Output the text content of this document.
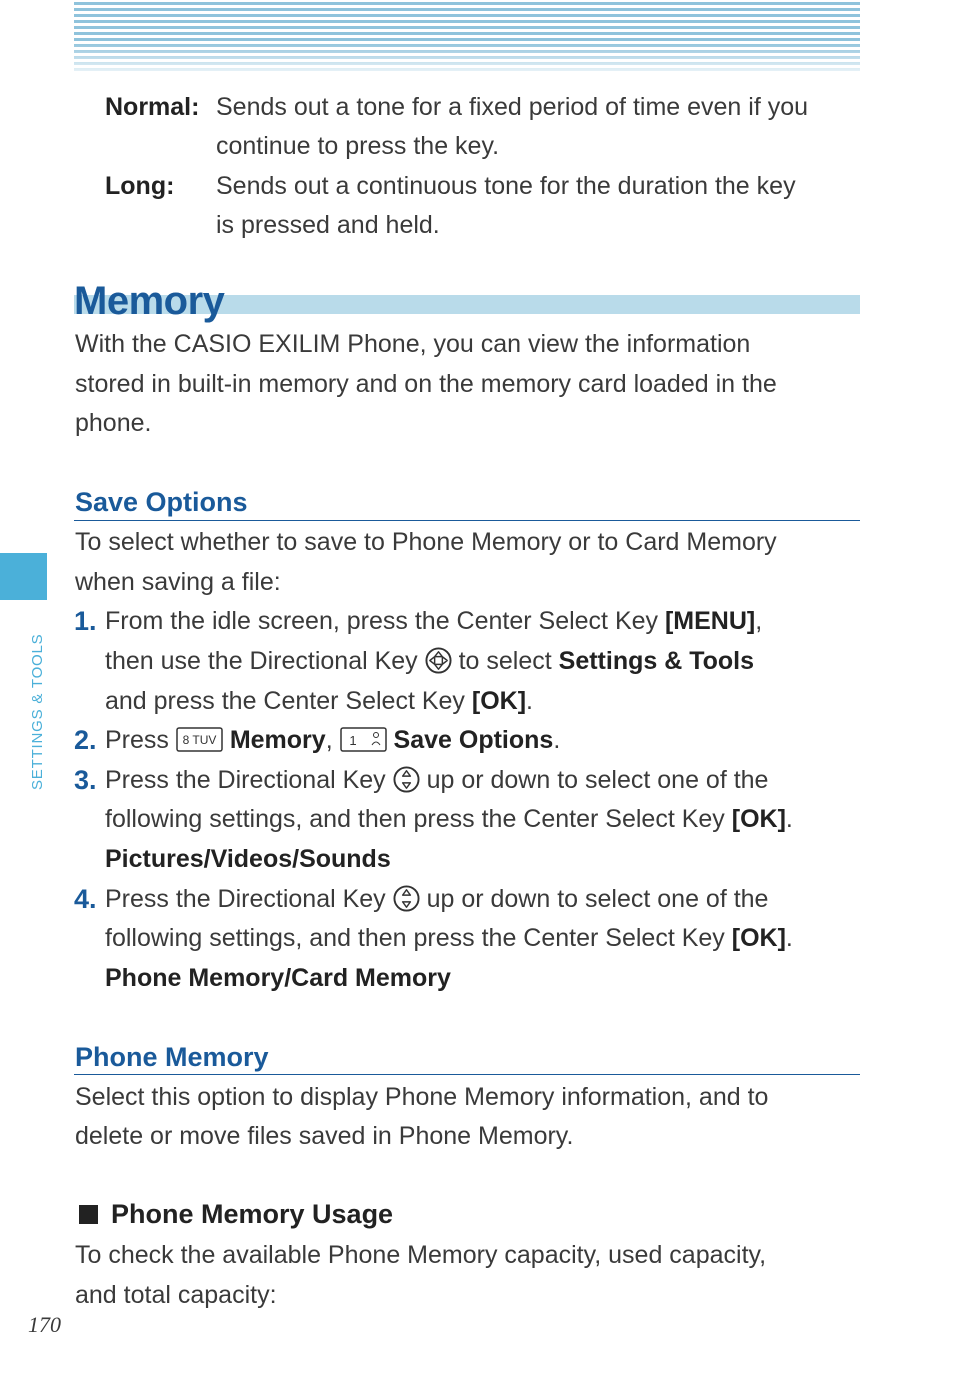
Normal: Sends out a tone for a fixed period of time even if you
continue to press the key.
Long: Sends out a continuous tone for the duration the key
is pressed and held.
Memory
With the CASIO EXILIM Phone, you can view the information
stored in built-in memory and on the memory card loaded in the
phone.
Save Options
To select whether to save to Phone Memory or to Card Memory
when saving a file:
1. From the idle screen, press the Center Select Key [MENU],
then use the Directional Key  to select Settings & Tools
and press the Center Select Key [OK].
2. Press 8 TUV Memory, 1 Save Options.
3. Press the Directional Key  up or down to select one of the
following settings, and then press the Center Select Key [OK].
Pictures/Videos/Sounds
4. Press the Directional Key  up or down to select one of the
following settings, and then press the Center Select Key [OK].
Phone Memory/Card Memory
Phone Memory
Select this option to display Phone Memory information, and to
delete or move files saved in Phone Memory.
Phone Memory Usage
To check the available Phone Memory capacity, used capacity,
and total capacity:
SETTINGS & TOOLS
170
